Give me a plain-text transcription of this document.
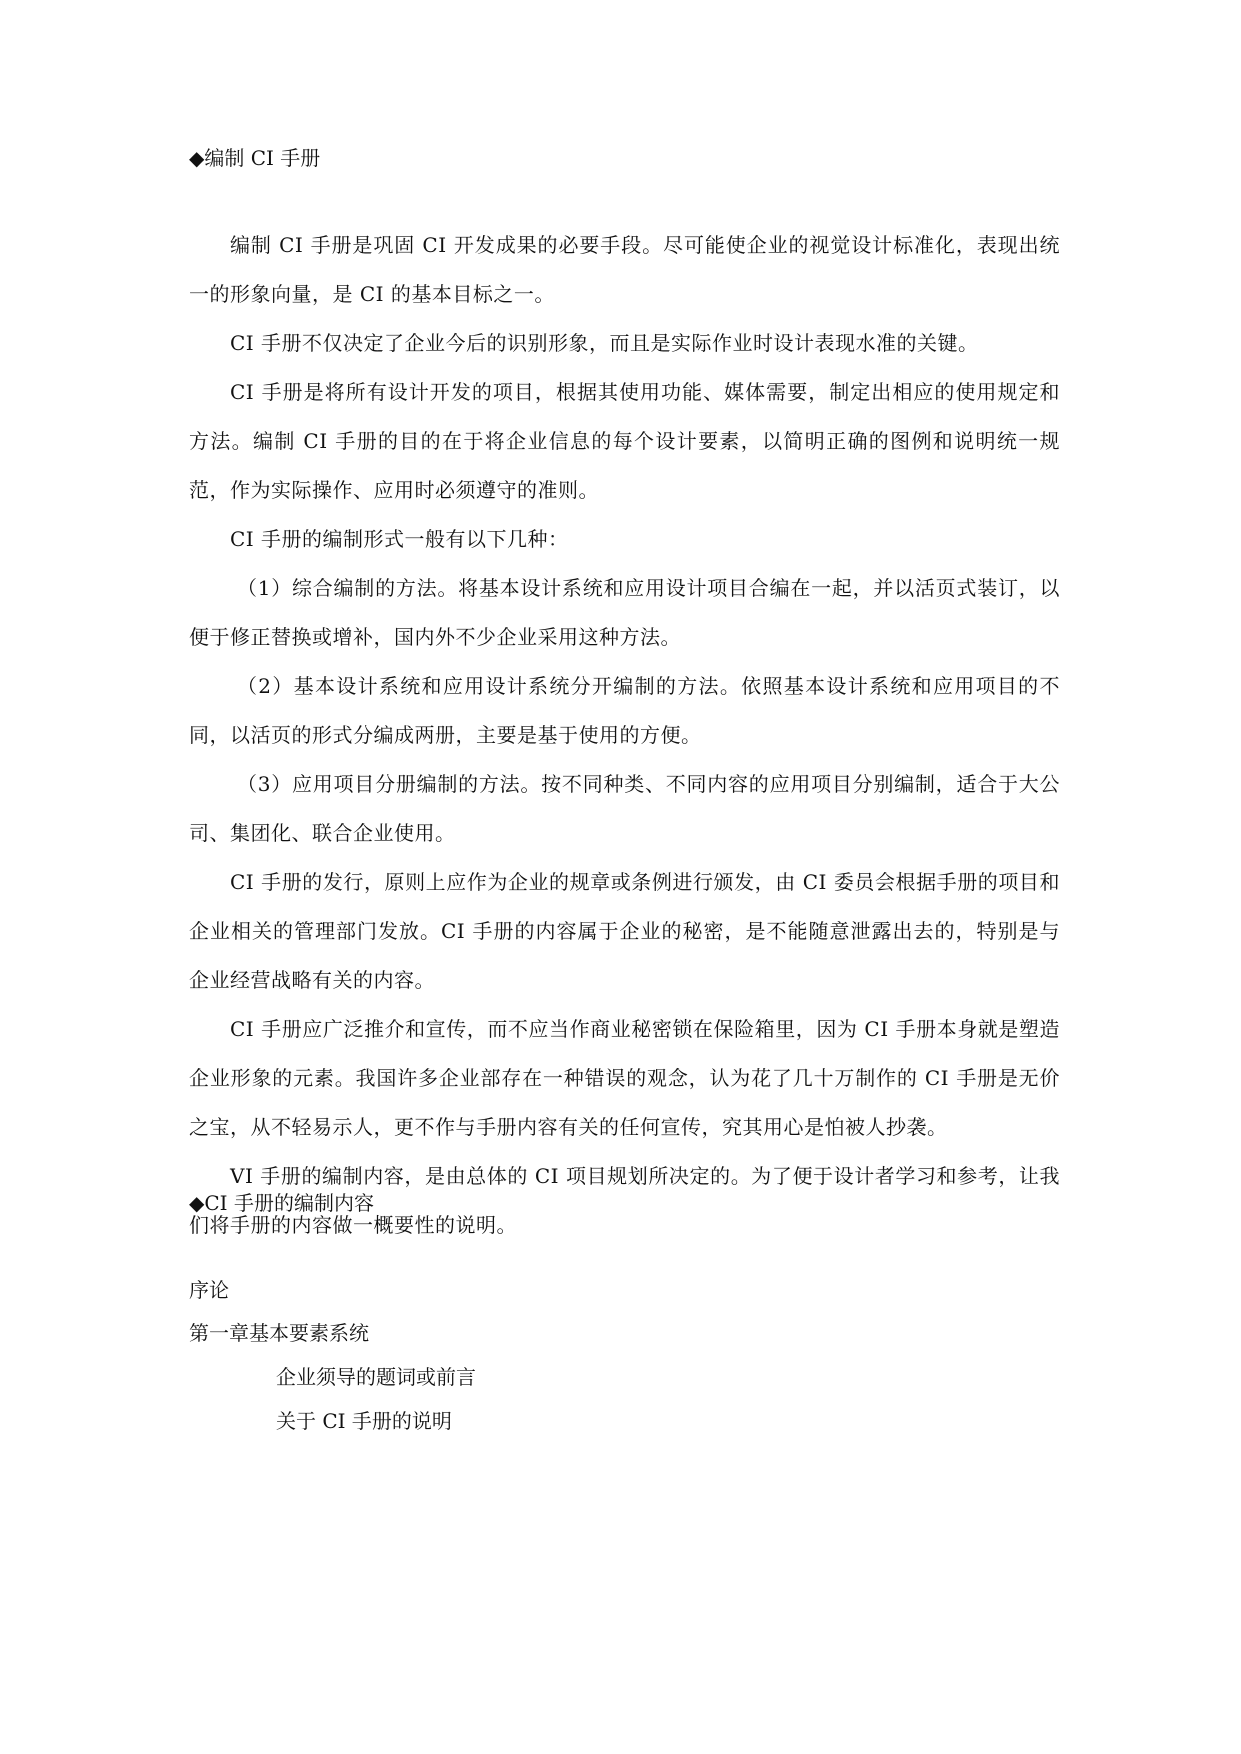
◆编制 CI 手册

编制 CI 手册是巩固 CI 开发成果的必要手段。尽可能使企业的视觉设计标准化，表现出统一的形象向量，是 CI 的基本目标之一。

CI 手册不仅决定了企业今后的识别形象，而且是实际作业时设计表现水准的关键。

CI 手册是将所有设计开发的项目，根据其使用功能、媒体需要，制定出相应的使用规定和方法。编制 CI 手册的目的在于将企业信息的每个设计要素，以简明正确的图例和说明统一规范，作为实际操作、应用时必须遵守的准则。

CI 手册的编制形式一般有以下几种：

（1）综合编制的方法。将基本设计系统和应用设计项目合编在一起，并以活页式装订，以便于修正替换或增补，国内外不少企业采用这种方法。

（2）基本设计系统和应用设计系统分开编制的方法。依照基本设计系统和应用项目的不同，以活页的形式分编成两册，主要是基于使用的方便。

（3）应用项目分册编制的方法。按不同种类、不同内容的应用项目分别编制，适合于大公司、集团化、联合企业使用。

CI 手册的发行，原则上应作为企业的规章或条例进行颁发，由 CI 委员会根据手册的项目和企业相关的管理部门发放。CI 手册的内容属于企业的秘密，是不能随意泄露出去的，特别是与企业经营战略有关的内容。

CI 手册应广泛推介和宣传，而不应当作商业秘密锁在保险箱里，因为 CI 手册本身就是塑造企业形象的元素。我国许多企业部存在一种错误的观念，认为花了几十万制作的 CI 手册是无价之宝，从不轻易示人，更不作与手册内容有关的任何宣传，究其用心是怕被人抄袭。

VI 手册的编制内容，是由总体的 CI 项目规划所决定的。为了便于设计者学习和参考，让我们将手册的内容做一概要性的说明。

◆CI 手册的编制内容
序论
第一章基本要素系统
企业须导的题词或前言
关于 CI 手册的说明
